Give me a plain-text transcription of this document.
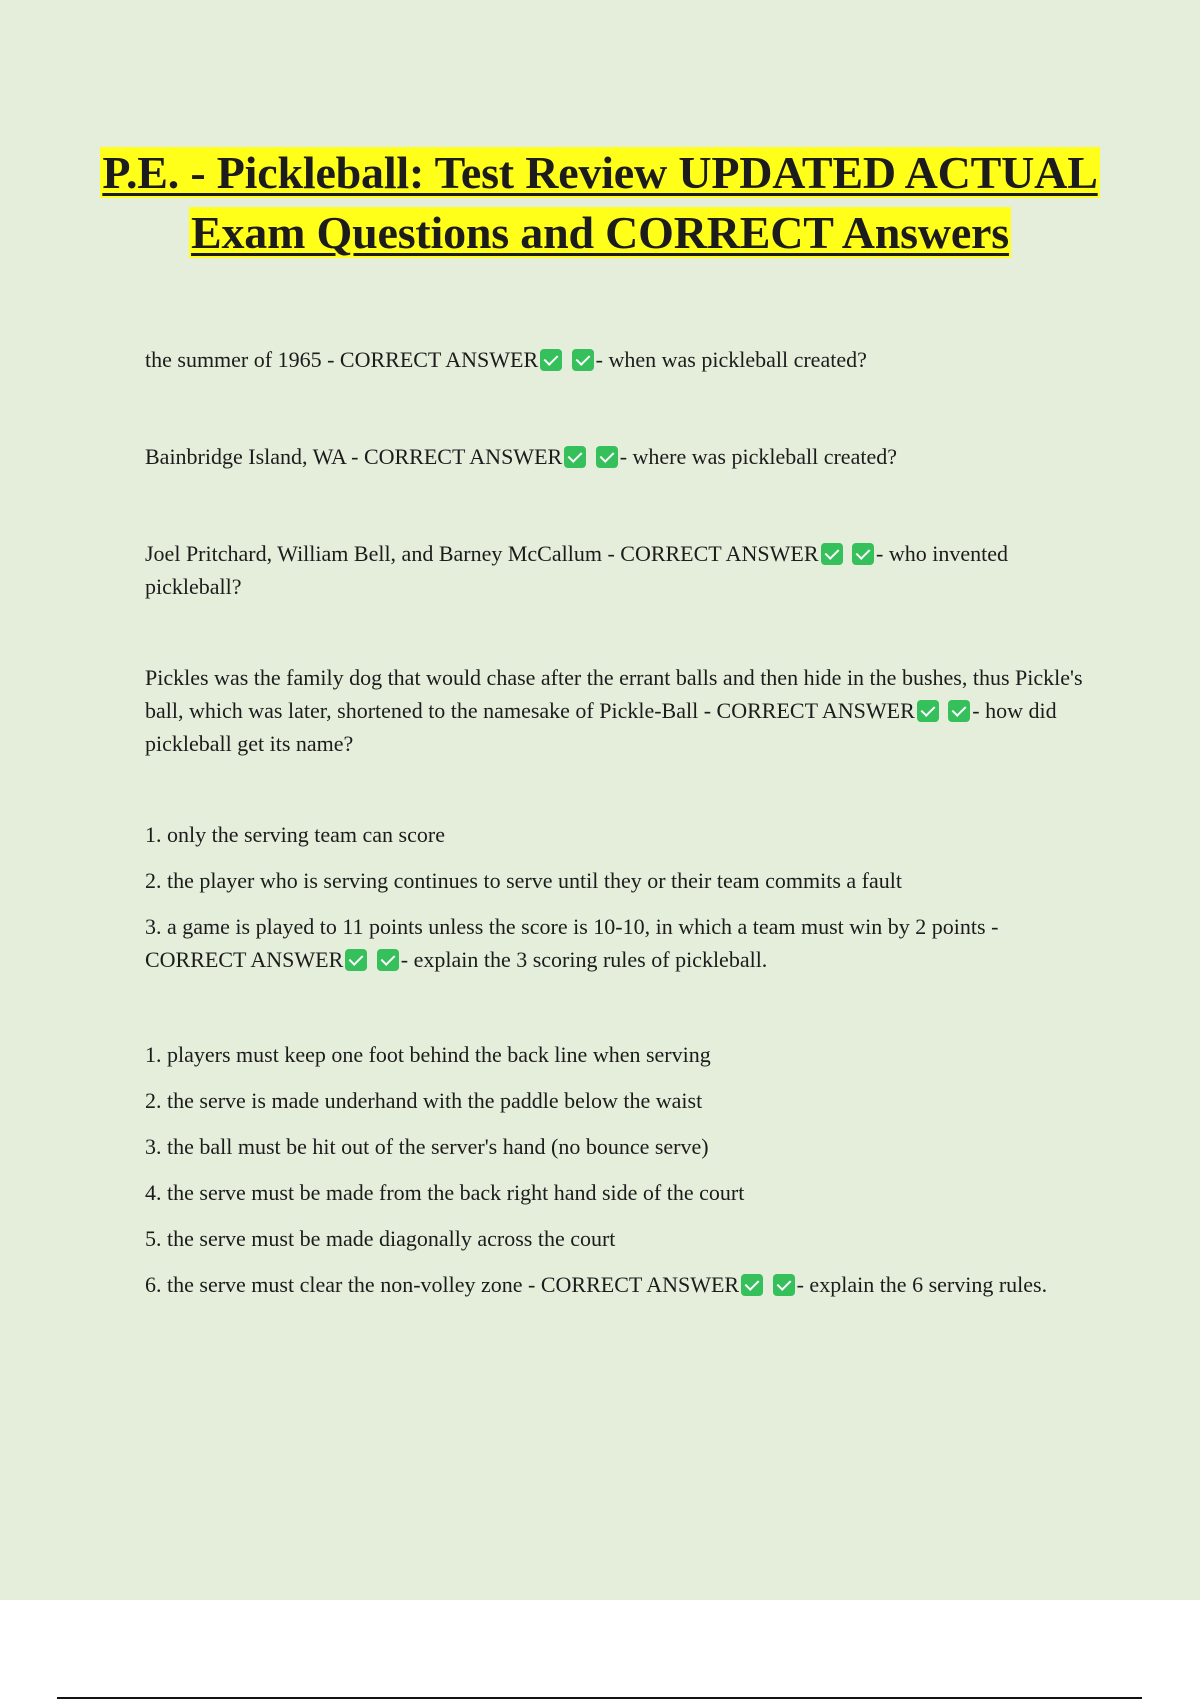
P.E. - Pickleball: Test Review UPDATED ACTUAL Exam Questions and CORRECT Answers

the summer of 1965 - CORRECT ANSWER	- when was pickleball created?

Bainbridge Island, WA - CORRECT ANSWER	- where was pickleball created?

Joel Pritchard, William Bell, and Barney McCallum - CORRECT ANSWER	- who invented pickleball?

Pickles was the family dog that would chase after the errant balls and then hide in the bushes, thus Pickle's ball, which was later, shortened to the namesake of Pickle-Ball - CORRECT ANSWER	- how did pickleball get its name?

1. only the serving team can score
2. the player who is serving continues to serve until they or their team commits a fault
3. a game is played to 11 points unless the score is 10-10, in which a team must win by 2 points - CORRECT ANSWER	- explain the 3 scoring rules of pickleball.
1. players must keep one foot behind the back line when serving
2. the serve is made underhand with the paddle below the waist
3. the ball must be hit out of the server's hand (no bounce serve)
4. the serve must be made from the back right hand side of the court
5. the serve must be made diagonally across the court
6. the serve must clear the non-volley zone - CORRECT ANSWER	- explain the 6 serving rules.
